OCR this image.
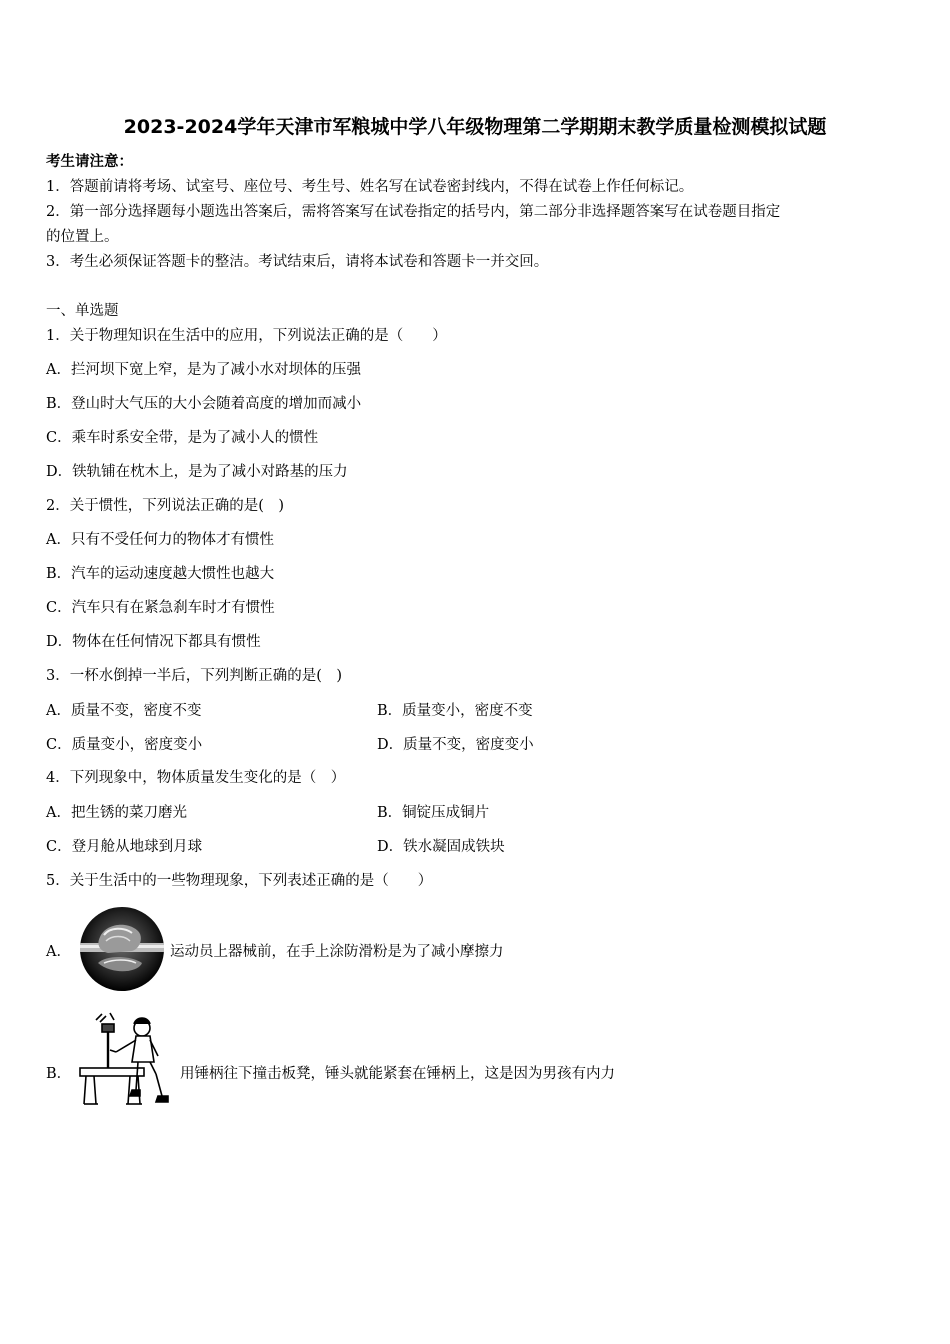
2023-2024学年天津市军粮城中学八年级物理第二学期期末教学质量检测模拟试题
考生请注意：
1．答题前请将考场、试室号、座位号、考生号、姓名写在试卷密封线内，不得在试卷上作任何标记。
2．第一部分选择题每小题选出答案后，需将答案写在试卷指定的括号内，第二部分非选择题答案写在试卷题目指定
的位置上。
3．考生必须保证答题卡的整洁。考试结束后，请将本试卷和答题卡一并交回。
一、单选题
1．关于物理知识在生活中的应用，下列说法正确的是（　　）
A．拦河坝下宽上窄，是为了减小水对坝体的压强
B．登山时大气压的大小会随着高度的增加而减小
C．乘车时系安全带，是为了减小人的惯性
D．铁轨铺在枕木上，是为了减小对路基的压力
2．关于惯性，下列说法正确的是(　)
A．只有不受任何力的物体才有惯性
B．汽车的运动速度越大惯性也越大
C．汽车只有在紧急刹车时才有惯性
D．物体在任何情况下都具有惯性
3．一杯水倒掉一半后，下列判断正确的是(　)
A．质量不变，密度不变	B．质量变小，密度不变
C．质量变小，密度变小	D．质量不变，密度变小
4．下列现象中，物体质量发生变化的是（　）
A．把生锈的菜刀磨光	B．铜锭压成铜片
C．登月舱从地球到月球	D．铁水凝固成铁块
5．关于生活中的一些物理现象，下列表述正确的是（　　）
A．	运动员上器械前，在手上涂防滑粉是为了减小摩擦力
B．	用锤柄往下撞击板凳，锤头就能紧套在锤柄上，这是因为男孩有内力
